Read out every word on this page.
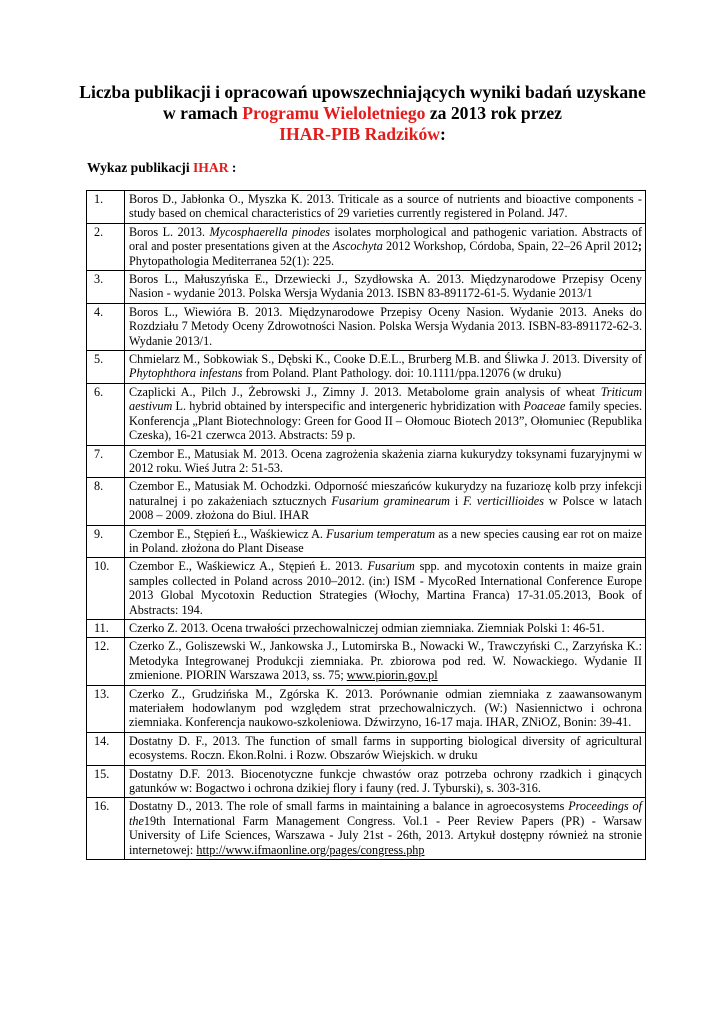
Liczba publikacji i opracowań upowszechniających wyniki badań uzyskane
w ramach Programu Wieloletniego za 2013 rok przez
IHAR-PIB Radzików:
Wykaz publikacji IHAR :
1.	Boros D., Jabłonka O., Myszka K. 2013. Triticale as a source of nutrients and bioactive components - study based on chemical characteristics of 29 varieties currently registered in Poland. J47.
2.	Boros L. 2013. Mycosphaerella pinodes isolates morphological and pathogenic variation. Abstracts of oral and poster presentations given at the Ascochyta 2012 Workshop, Córdoba, Spain, 22–26 April 2012; Phytopathologia Mediterranea 52(1): 225.
3.	Boros L., Małuszyńska E., Drzewiecki J., Szydłowska A. 2013. Międzynarodowe Przepisy Oceny Nasion - wydanie 2013. Polska Wersja Wydania 2013. ISBN 83-891172-61-5. Wydanie 2013/1
4.	Boros L., Wiewióra B. 2013. Międzynarodowe Przepisy Oceny Nasion. Wydanie 2013. Aneks do Rozdziału 7 Metody Oceny Zdrowotności Nasion. Polska Wersja Wydania 2013. ISBN-83-891172-62-3. Wydanie 2013/1.
5.	Chmielarz M., Sobkowiak S., Dębski K., Cooke D.E.L., Brurberg M.B. and Śliwka J. 2013. Diversity of Phytophthora infestans from Poland. Plant Pathology. doi: 10.1111/ppa.12076 (w druku)
6.	Czaplicki A., Pilch J., Żebrowski J., Zimny J. 2013. Metabolome grain analysis of wheat Triticum aestivum L. hybrid obtained by interspecific and intergeneric hybridization with Poaceae family species. Konferencja „Plant Biotechnology: Green for Good II – Ołomouc Biotech 2013”, Ołomuniec (Republika Czeska), 16-21 czerwca 2013. Abstracts: 59 p.
7.	Czembor E., Matusiak M. 2013. Ocena zagrożenia skażenia ziarna kukurydzy toksynami fuzaryjnymi w 2012 roku. Wieś Jutra 2: 51-53.
8.	Czembor E., Matusiak M. Ochodzki. Odporność mieszańców kukurydzy na fuzariozę kolb przy infekcji naturalnej i po zakażeniach sztucznych Fusarium graminearum i F. verticillioides w Polsce w latach 2008 – 2009. złożona do Biul. IHAR
9.	Czembor E., Stępień Ł., Waśkiewicz A. Fusarium temperatum as a new species causing ear rot on maize in Poland. złożona do Plant Disease
10.	Czembor E., Waśkiewicz A., Stępień Ł. 2013. Fusarium spp. and mycotoxin contents in maize grain samples collected in Poland across 2010–2012. (in:) ISM - MycoRed International Conference Europe 2013 Global Mycotoxin Reduction Strategies (Włochy, Martina Franca) 17-31.05.2013, Book of Abstracts: 194.
11.	Czerko Z. 2013. Ocena trwałości przechowalniczej odmian ziemniaka. Ziemniak Polski 1: 46-51.
12.	Czerko Z., Goliszewski W., Jankowska J., Lutomirska B., Nowacki W., Trawczyński C., Zarzyńska K.: Metodyka Integrowanej Produkcji ziemniaka. Pr. zbiorowa pod red. W. Nowackiego. Wydanie II zmienione. PIORIN Warszawa 2013, ss. 75; www.piorin.gov.pl
13.	Czerko Z., Grudzińska M., Zgórska K. 2013. Porównanie odmian ziemniaka z zaawansowanym materiałem hodowlanym pod względem strat przechowalniczych. (W:) Nasiennictwo i ochrona ziemniaka. Konferencja naukowo-szkoleniowa. Dźwirzyno, 16-17 maja. IHAR, ZNiOZ, Bonin: 39-41.
14.	Dostatny D. F., 2013. The function of small farms in supporting biological diversity of agricultural ecosystems. Roczn. Ekon.Rolni. i Rozw. Obszarów Wiejskich. w druku
15.	Dostatny D.F. 2013. Biocenotyczne funkcje chwastów oraz potrzeba ochrony rzadkich i ginących gatunków w: Bogactwo i ochrona dzikiej flory i fauny (red. J. Tyburski), s. 303-316.
16.	Dostatny D., 2013. The role of small farms in maintaining a balance in agroecosystems Proceedings of the19th International Farm Management Congress. Vol.1 - Peer Review Papers (PR) - Warsaw University of Life Sciences, Warszawa - July 21st - 26th, 2013. Artykuł dostępny również na stronie internetowej: http://www.ifmaonline.org/pages/congress.php
